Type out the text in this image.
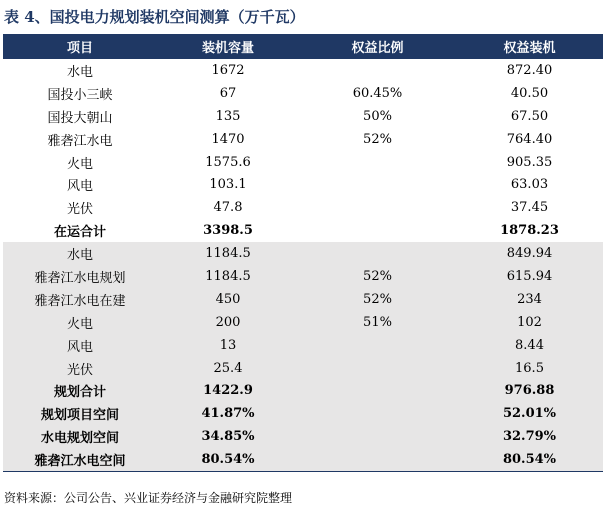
表 4、国投电力规划装机空间测算（万千瓦）
项目	装机容量	权益比例	权益装机
水电	1672		872.40
国投小三峡	67	60.45%	40.50
国投大朝山	135	50%	67.50
雅砻江水电	1470	52%	764.40
火电	1575.6		905.35
风电	103.1		63.03
光伏	47.8		37.45
在运合计	3398.5		1878.23
水电	1184.5		849.94
雅砻江水电规划	1184.5	52%	615.94
雅砻江水电在建	450	52%	234
火电	200	51%	102
风电	13		8.44
光伏	25.4		16.5
规划合计	1422.9		976.88
规划项目空间	41.87%		52.01%
水电规划空间	34.85%		32.79%
雅砻江水电空间	80.54%		80.54%
资料来源：公司公告、兴业证券经济与金融研究院整理
